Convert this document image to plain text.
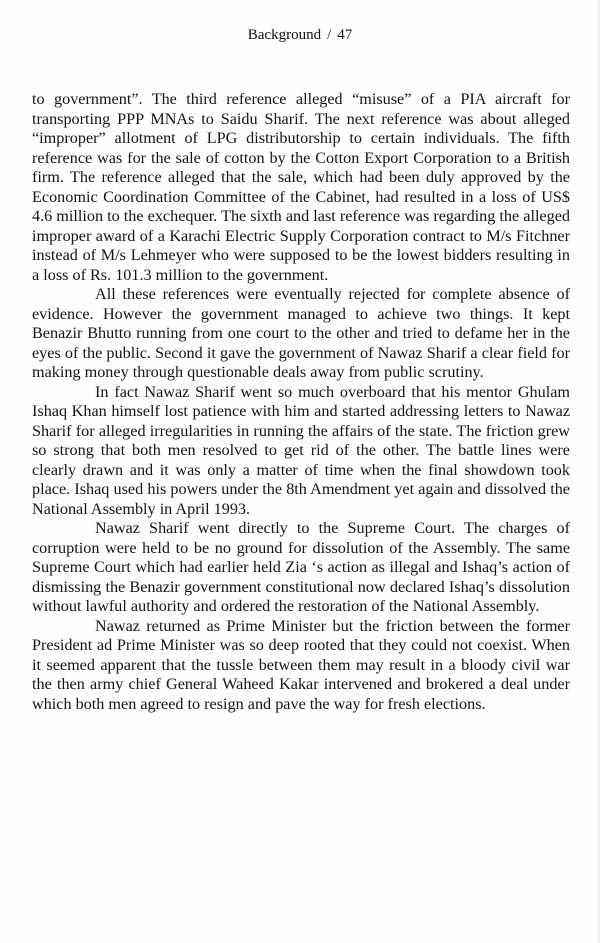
Background / 47

to government”. The third reference alleged “misuse” of a PIA aircraft for transporting PPP MNAs to Saidu Sharif. The next reference was about alleged “improper” allotment of LPG distributorship to certain individuals. The fifth reference was for the sale of cotton by the Cotton Export Corporation to a British firm. The reference alleged that the sale, which had been duly approved by the Economic Coordination Committee of the Cabinet, had resulted in a loss of US$ 4.6 million to the exchequer. The sixth and last reference was regarding the alleged improper award of a Karachi Electric Supply Corporation contract to M/s Fitchner instead of M/s Lehmeyer who were supposed to be the lowest bidders resulting in a loss of Rs. 101.3 million to the government.

All these references were eventually rejected for complete absence of evidence. However the government managed to achieve two things. It kept Benazir Bhutto running from one court to the other and tried to defame her in the eyes of the public. Second it gave the government of Nawaz Sharif a clear field for making money through questionable deals away from public scrutiny.

In fact Nawaz Sharif went so much overboard that his mentor Ghulam Ishaq Khan himself lost patience with him and started addressing letters to Nawaz Sharif for alleged irregularities in running the affairs of the state. The friction grew so strong that both men resolved to get rid of the other. The battle lines were clearly drawn and it was only a matter of time when the final showdown took place. Ishaq used his powers under the 8th Amendment yet again and dissolved the National Assembly in April 1993.

Nawaz Sharif went directly to the Supreme Court. The charges of corruption were held to be no ground for dissolution of the Assembly. The same Supreme Court which had earlier held Zia ‘s action as illegal and Ishaq’s action of dismissing the Benazir government constitutional now declared Ishaq’s dissolution without lawful authority and ordered the restoration of the National Assembly.

Nawaz returned as Prime Minister but the friction between the former President ad Prime Minister was so deep rooted that they could not coexist. When it seemed apparent that the tussle between them may result in a bloody civil war the then army chief General Waheed Kakar intervened and brokered a deal under which both men agreed to resign and pave the way for fresh elections.
